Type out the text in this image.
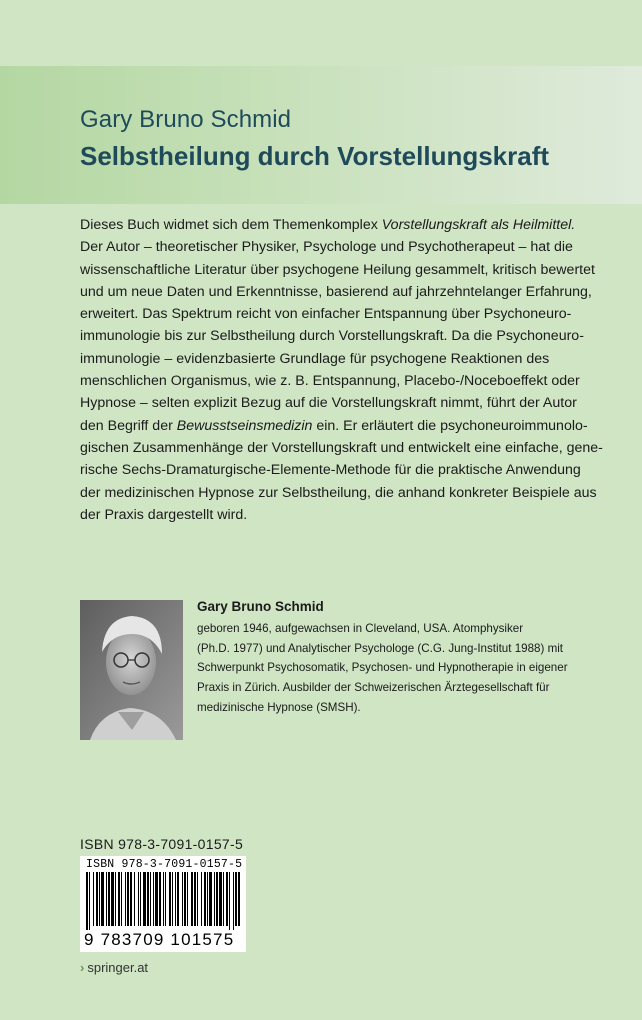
Gary Bruno Schmid
Selbstheilung durch Vorstellungskraft
Dieses Buch widmet sich dem Themenkomplex Vorstellungskraft als Heilmittel.
Der Autor – theoretischer Physiker, Psychologe und Psychotherapeut – hat die
wissenschaftliche Literatur über psychogene Heilung gesammelt, kritisch bewertet
und um neue Daten und Erkenntnisse, basierend auf jahrzehntelanger Erfahrung,
erweitert. Das Spektrum reicht von einfacher Entspannung über Psychoneuro-
immunologie bis zur Selbstheilung durch Vorstellungskraft. Da die Psychoneuro-
immunologie – evidenzbasierte Grundlage für psychogene Reaktionen des
menschlichen Organismus, wie z. B. Entspannung, Placebo-/Noceboeffekt oder
Hypnose – selten explizit Bezug auf die Vorstellungskraft nimmt, führt der Autor
den Begriff der Bewusstseinsmedizin ein. Er erläutert die psychoneuroimmunolo-
gischen Zusammenhänge der Vorstellungskraft und entwickelt eine einfache, gene-
rische Sechs-Dramaturgische-Elemente-Methode für die praktische Anwendung
der medizinischen Hypnose zur Selbstheilung, die anhand konkreter Beispiele aus
der Praxis dargestellt wird.
Gary Bruno Schmid
geboren 1946, aufgewachsen in Cleveland, USA. Atomphysiker
(Ph.D. 1977) und Analytischer Psychologe (C.G. Jung-Institut 1988) mit
Schwerpunkt Psychosomatik, Psychosen- und Hypnotherapie in eigener
Praxis in Zürich. Ausbilder der Schweizerischen Ärztegesellschaft für
medizinische Hypnose (SMSH).
ISBN 978-3-7091-0157-5
ISBN 978-3-7091-0157-5
9 783709 101575
› springer.at
